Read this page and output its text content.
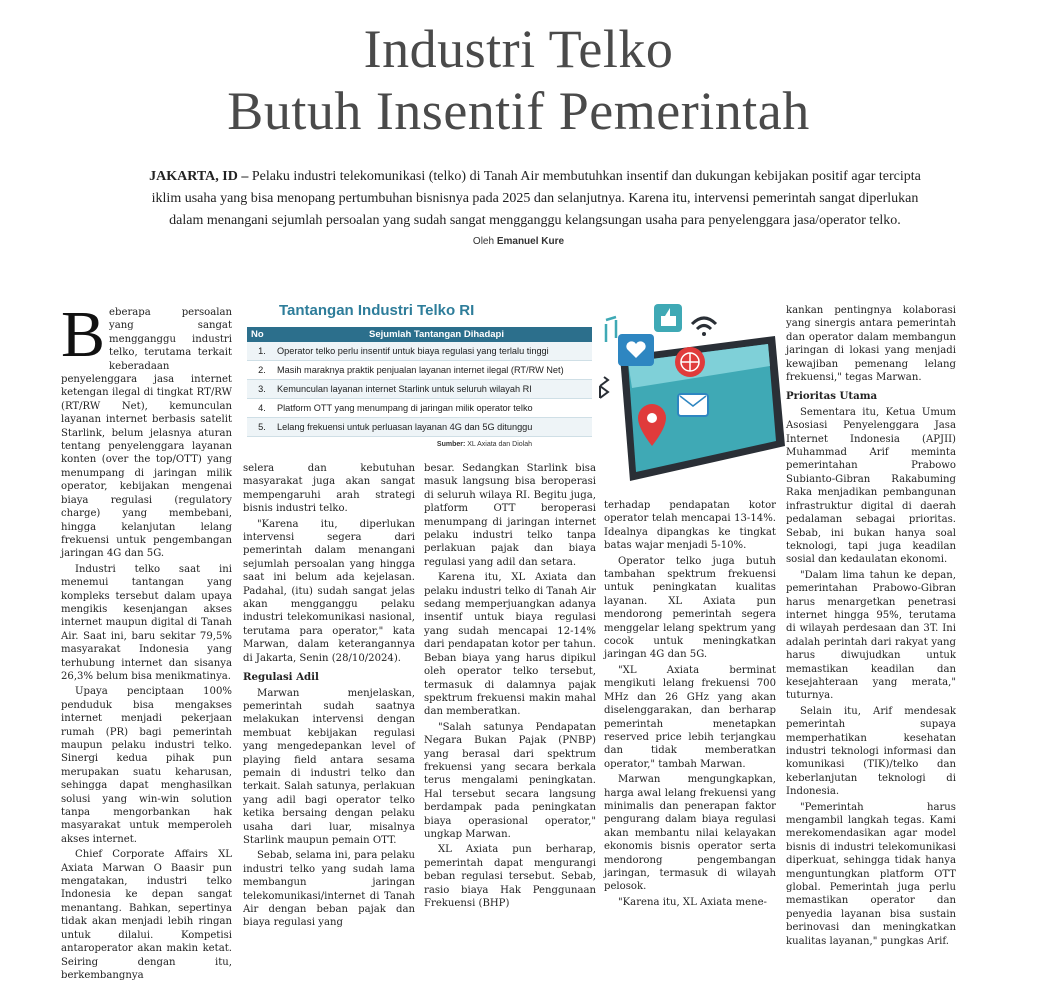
Industri Telko
Butuh Insentif Pemerintah
JAKARTA, ID – Pelaku industri telekomunikasi (telko) di Tanah Air membutuhkan insentif dan dukungan kebijakan positif agar tercipta iklim usaha yang bisa menopang pertumbuhan bisnisnya pada 2025 dan selanjutnya. Karena itu, intervensi pemerintah sangat diperlukan dalam menangani sejumlah persoalan yang sudah sangat mengganggu kelangsungan usaha para penyelenggara jasa/operator telko.
Oleh Emanuel Kure
Tantangan Industri Telko RI
No	Sejumlah Tantangan Dihadapi
1.	Operator telko perlu insentif untuk biaya regulasi yang terlalu tinggi
2.	Masih maraknya praktik penjualan layanan internet ilegal (RT/RW Net)
3.	Kemunculan layanan internet Starlink untuk seluruh wilayah RI
4.	Platform OTT yang menumpang di jaringan milik operator telko
5.	Lelang frekuensi untuk perluasan layanan 4G dan 5G ditunggu
Sumber: XL Axiata dan Diolah
B eberapa persoalan yang sangat mengganggu industri telko, terutama terkait keberadaan penyelenggara jasa internet ketengan ilegal di tingkat RT/RW (RT/RW Net), kemunculan layanan internet berbasis satelit Starlink, belum jelasnya aturan tentang penyelenggara layanan konten (over the top/OTT) yang menumpang di jaringan milik operator, kebijakan mengenai biaya regulasi (regulatory charge) yang membebani, hingga kelanjutan lelang frekuensi untuk pengembangan jaringan 4G dan 5G.

Industri telko saat ini menemui tantangan yang kompleks tersebut dalam upaya mengikis kesenjangan akses internet maupun digital di Tanah Air. Saat ini, baru sekitar 79,5% masyarakat Indonesia yang terhubung internet dan sisanya 26,3% belum bisa menikmatinya.

Upaya penciptaan 100% penduduk bisa mengakses internet menjadi pekerjaan rumah (PR) bagi pemerintah maupun pelaku industri telko. Sinergi kedua pihak pun merupakan suatu keharusan, sehingga dapat menghasilkan solusi yang win-win solution tanpa mengorbankan hak masyarakat untuk memperoleh akses internet.

Chief Corporate Affairs XL Axiata Marwan O Baasir pun mengatakan, industri telko Indonesia ke depan sangat menantang. Bahkan, sepertinya tidak akan menjadi lebih ringan untuk dilalui. Kompetisi antaroperator akan makin ketat. Seiring dengan itu, berkembangnya

selera dan kebutuhan masyarakat juga akan sangat mempengaruhi arah strategi bisnis industri telko.

"Karena itu, diperlukan intervensi segera dari pemerintah dalam menangani sejumlah persoalan yang hingga saat ini belum ada kejelasan. Padahal, (itu) sudah sangat jelas akan mengganggu pelaku industri telekomunikasi nasional, terutama para operator," kata Marwan, dalam keterangannya di Jakarta, Senin (28/10/2024).

Regulasi Adil

Marwan menjelaskan, pemerintah sudah saatnya melakukan intervensi dengan membuat kebijakan regulasi yang mengedepankan level of playing field antara sesama pemain di industri telko dan terkait. Salah satunya, perlakuan yang adil bagi operator telko ketika bersaing dengan pelaku usaha dari luar, misalnya Starlink maupun pemain OTT.

Sebab, selama ini, para pelaku industri telko yang sudah lama membangun jaringan telekomunikasi/internet di Tanah Air dengan beban pajak dan biaya regulasi yang

besar. Sedangkan Starlink bisa masuk langsung bisa beroperasi di seluruh wilaya RI. Begitu juga, platform OTT beroperasi menumpang di jaringan internet pelaku industri telko tanpa perlakuan pajak dan biaya regulasi yang adil dan setara.

Karena itu, XL Axiata dan pelaku industri telko di Tanah Air sedang memperjuangkan adanya insentif untuk biaya regulasi yang sudah mencapai 12-14% dari pendapatan kotor per tahun. Beban biaya yang harus dipikul oleh operator telko tersebut, termasuk di dalamnya pajak spektrum frekuensi makin mahal dan memberatkan.

"Salah satunya Pendapatan Negara Bukan Pajak (PNBP) yang berasal dari spektrum frekuensi yang secara berkala terus mengalami peningkatan. Hal tersebut secara langsung berdampak pada peningkatan biaya operasional operator," ungkap Marwan.

XL Axiata pun berharap, pemerintah dapat mengurangi beban regulasi tersebut. Sebab, rasio biaya Hak Penggunaan Frekuensi (BHP)

terhadap pendapatan kotor operator telah mencapai 13-14%. Idealnya dipangkas ke tingkat batas wajar menjadi 5-10%.

Operator telko juga butuh tambahan spektrum frekuensi untuk peningkatan kualitas layanan. XL Axiata pun mendorong pemerintah segera menggelar lelang spektrum yang cocok untuk meningkatkan jaringan 4G dan 5G.

"XL Axiata berminat mengikuti lelang frekuensi 700 MHz dan 26 GHz yang akan diselenggarakan, dan berharap pemerintah menetapkan reserved price lebih terjangkau dan tidak memberatkan operator," tambah Marwan.

Marwan mengungkapkan, harga awal lelang frekuensi yang minimalis dan penerapan faktor pengurang dalam biaya regulasi akan membantu nilai kelayakan ekonomis bisnis operator serta mendorong pengembangan jaringan, termasuk di wilayah pelosok.

"Karena itu, XL Axiata mene-

kankan pentingnya kolaborasi yang sinergis antara pemerintah dan operator dalam membangun jaringan di lokasi yang menjadi kewajiban pemenang lelang frekuensi," tegas Marwan.

Prioritas Utama

Sementara itu, Ketua Umum Asosiasi Penyelenggara Jasa Internet Indonesia (APJII) Muhammad Arif meminta pemerintahan Prabowo Subianto-Gibran Rakabuming Raka menjadikan pembangunan infrastruktur digital di daerah pedalaman sebagai prioritas. Sebab, ini bukan hanya soal teknologi, tapi juga keadilan sosial dan kedaulatan ekonomi.

"Dalam lima tahun ke depan, pemerintahan Prabowo-Gibran harus menargetkan penetrasi internet hingga 95%, terutama di wilayah perdesaan dan 3T. Ini adalah perintah dari rakyat yang harus diwujudkan untuk memastikan keadilan dan kesejahteraan yang merata," tuturnya.

Selain itu, Arif mendesak pemerintah supaya memperhatikan kesehatan industri teknologi informasi dan komunikasi (TIK)/telko dan keberlanjutan teknologi di Indonesia.

"Pemerintah harus mengambil langkah tegas. Kami merekomendasikan agar model bisnis di industri telekomunikasi diperkuat, sehingga tidak hanya menguntungkan platform OTT global. Pemerintah juga perlu memastikan operator dan penyedia layanan bisa sustain berinovasi dan meningkatkan kualitas layanan," pungkas Arif.
